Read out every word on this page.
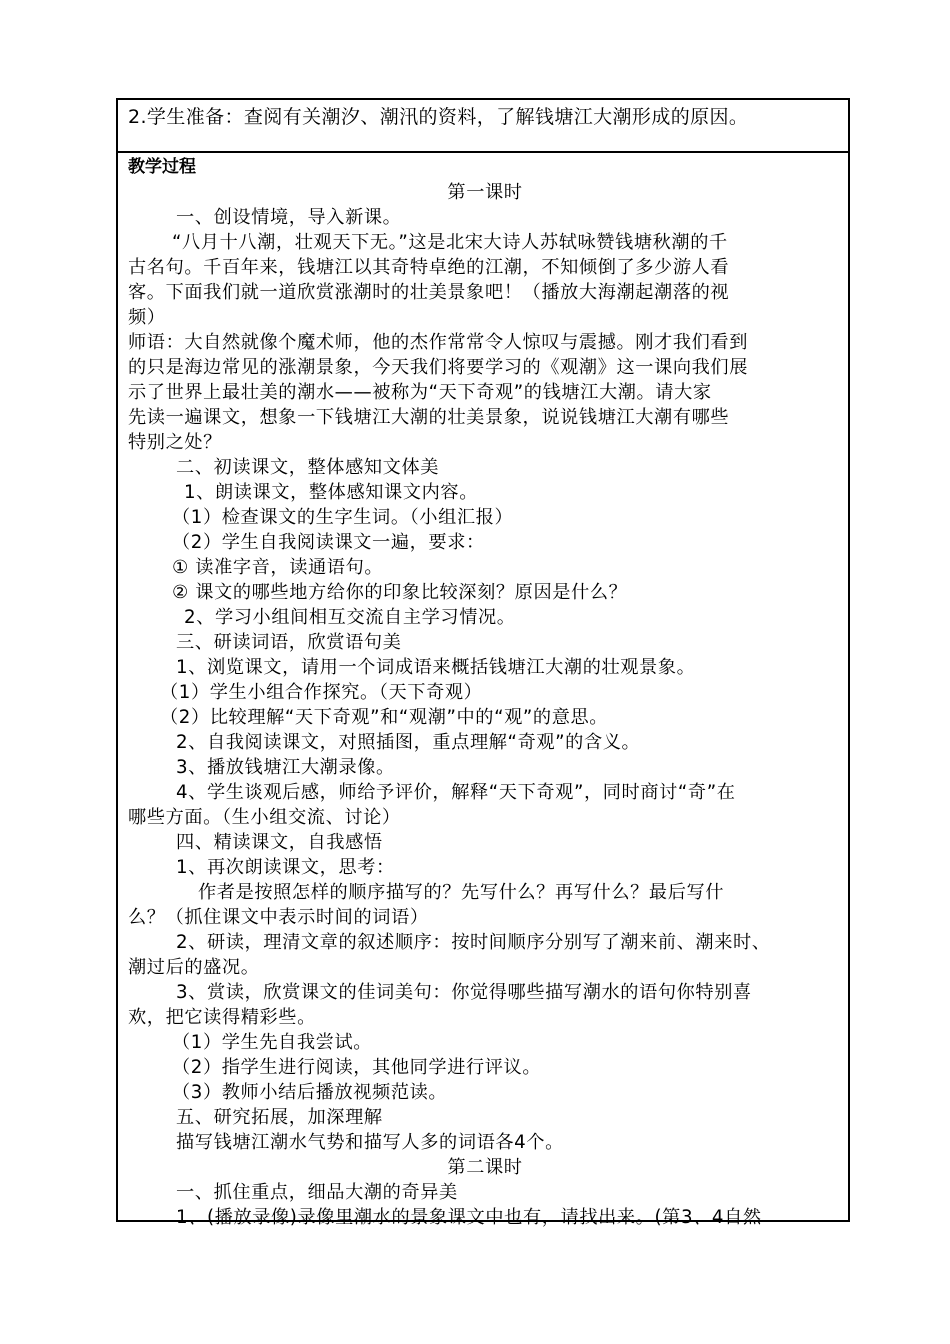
2.学生准备：查阅有关潮汐、潮汛的资料，了解钱塘江大潮形成的原因。
教学过程
第一课时
一、创设情境，导入新课。
“八月十八潮，壮观天下无。”这是北宋大诗人苏轼咏赞钱塘秋潮的千
古名句。千百年来，钱塘江以其奇特卓绝的江潮，不知倾倒了多少游人看
客。下面我们就一道欣赏涨潮时的壮美景象吧！（播放大海潮起潮落的视
频）
师语：大自然就像个魔术师，他的杰作常常令人惊叹与震撼。刚才我们看到
的只是海边常见的涨潮景象，今天我们将要学习的《观潮》这一课向我们展
示了世界上最壮美的潮水——被称为“天下奇观”的钱塘江大潮。请大家
先读一遍课文，想象一下钱塘江大潮的壮美景象，说说钱塘江大潮有哪些
特别之处？
二、初读课文，整体感知文体美
1、朗读课文，整体感知课文内容。
（1）检查课文的生字生词。（小组汇报）
（2）学生自我阅读课文一遍，要求：
① 读准字音，读通语句。
② 课文的哪些地方给你的印象比较深刻？原因是什么？
2、学习小组间相互交流自主学习情况。
三、研读词语，欣赏语句美
1、浏览课文，请用一个词成语来概括钱塘江大潮的壮观景象。
（1）学生小组合作探究。（天下奇观）
（2）比较理解“天下奇观”和“观潮”中的“观”的意思。
2、自我阅读课文，对照插图，重点理解“奇观”的含义。
3、播放钱塘江大潮录像。
4、学生谈观后感，师给予评价，解释“天下奇观”，同时商讨“奇”在
哪些方面。（生小组交流、讨论）
四、精读课文，自我感悟
1、再次朗读课文，思考：
作者是按照怎样的顺序描写的？先写什么？再写什么？最后写什
么？（抓住课文中表示时间的词语）
2、研读，理清文章的叙述顺序：按时间顺序分别写了潮来前、潮来时、
潮过后的盛况。
3、赏读，欣赏课文的佳词美句：你觉得哪些描写潮水的语句你特别喜
欢，把它读得精彩些。
（1）学生先自我尝试。
（2）指学生进行阅读，其他同学进行评议。
（3）教师小结后播放视频范读。
五、研究拓展，加深理解
描写钱塘江潮水气势和描写人多的词语各4个。
第二课时
一、抓住重点，细品大潮的奇异美
1、(播放录像)录像里潮水的景象课文中也有，请找出来。(第3、4自然
